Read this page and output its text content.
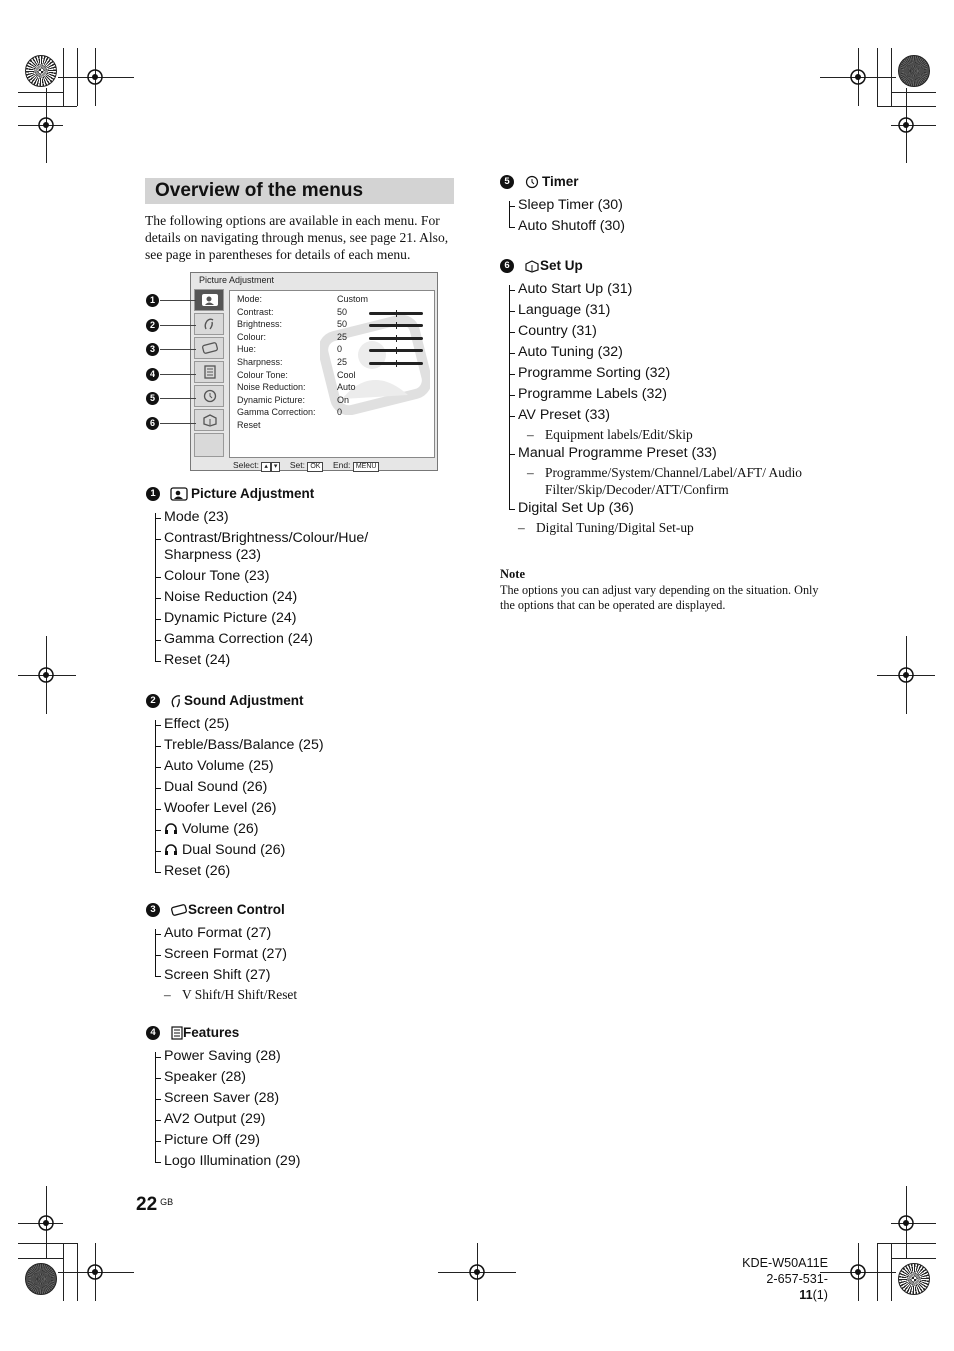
Overview of the menus
The following options are available in each menu. For details on navigating through menus, see page 21. Also, see page in parentheses for details of each menu.
Picture Adjustment
Select: ▴ ▾ Set: OK End: MENU
Mode:	Custom
Contrast:	50
Brightness:	50
Colour:	25
Hue:	0
Sharpness:	25
Colour Tone:	Cool
Noise Reduction:	Auto
Dynamic Picture:	On
Gamma Correction: 0
Reset
1
2
3
4
5
6
1	Picture Adjustment
Mode (23)
Contrast/Brightness/Colour/Hue/ Sharpness (23)
Colour Tone (23)
Noise Reduction (24)
Dynamic Picture (24)
Gamma Correction (24)
Reset (24)
2	Sound Adjustment
Effect (25)
Treble/Bass/Balance (25)
Auto Volume (25)
Dual Sound (26)
Woofer Level (26)
Volume (26)
Dual Sound (26)
Reset (26)
3	Screen Control
Auto Format (27)
Screen Format (27)
Screen Shift (27)
– V Shift/H Shift/Reset
4	Features
Power Saving (28)
Speaker (28)
Screen Saver (28)
AV2 Output (29)
Picture Off (29)
Logo Illumination (29)
5	Timer
Sleep Timer (30)
Auto Shutoff (30)
6	Set Up
Auto Start Up (31)
Language (31)
Country (31)
Auto Tuning (32)
Programme Sorting (32)
Programme Labels (32)
AV Preset (33)
– Equipment labels/Edit/Skip
Manual Programme Preset (33)
– Programme/System/Channel/Label/AFT/ Audio Filter/Skip/Decoder/ATT/Confirm
Digital Set Up (36)
– Digital Tuning/Digital Set-up
Note
The options you can adjust vary depending on the situation. Only the options that can be operated are displayed.
22 $^{GB}$
KDE-W50A11E
2-657-531-11(1)
